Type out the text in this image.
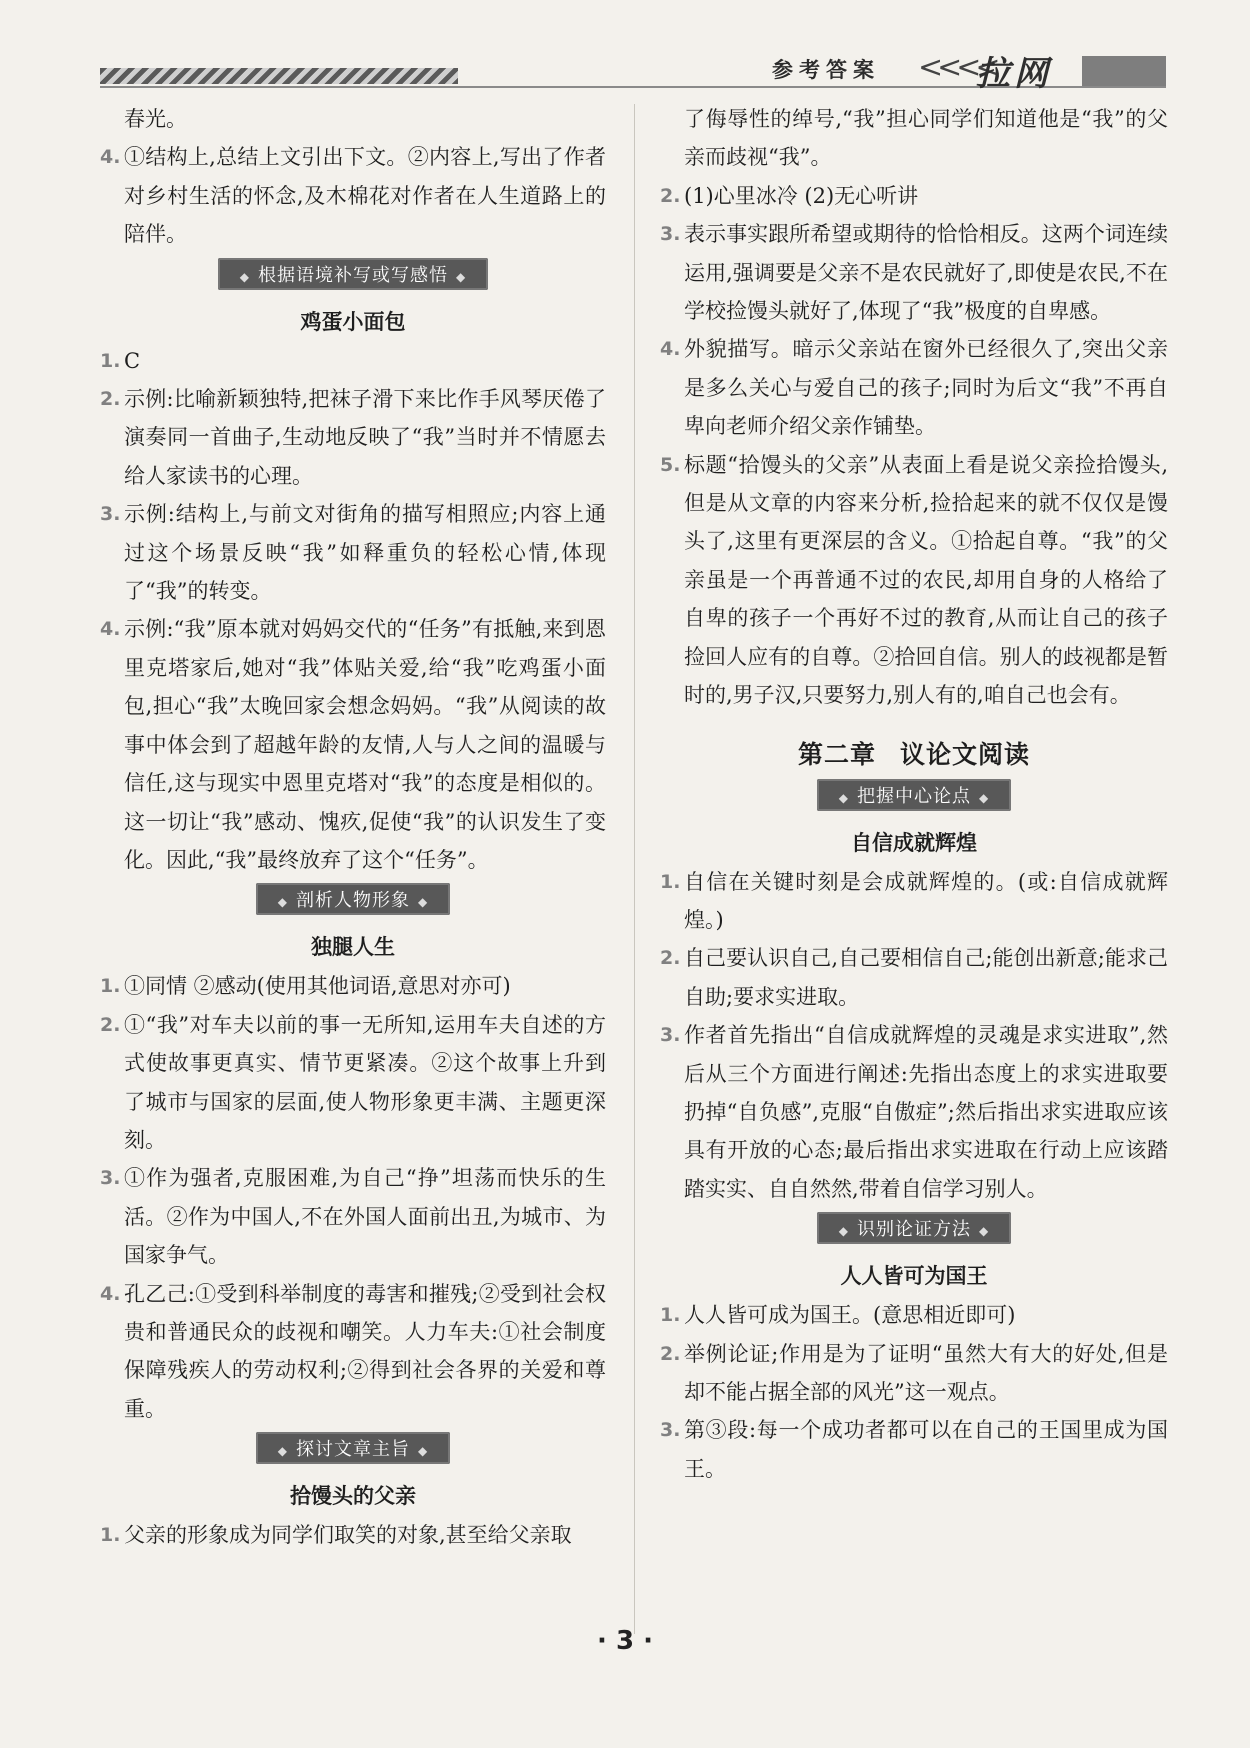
参考答案 <<<<
拉网

春光。

4. ①结构上,总结上文引出下文。②内容上,写出了作者对乡村生活的怀念,及木棉花对作者在人生道路上的陪伴。

◆ 根据语境补写或写感悟 ◆

鸡蛋小面包

1. C

2. 示例:比喻新颖独特,把袜子滑下来比作手风琴厌倦了演奏同一首曲子,生动地反映了“我”当时并不情愿去给人家读书的心理。

3. 示例:结构上,与前文对街角的描写相照应;内容上通过这个场景反映“我”如释重负的轻松心情,体现了“我”的转变。

4. 示例:“我”原本就对妈妈交代的“任务”有抵触,来到恩里克塔家后,她对“我”体贴关爱,给“我”吃鸡蛋小面包,担心“我”太晚回家会想念妈妈。“我”从阅读的故事中体会到了超越年龄的友情,人与人之间的温暖与信任,这与现实中恩里克塔对“我”的态度是相似的。这一切让“我”感动、愧疚,促使“我”的认识发生了变化。因此,“我”最终放弃了这个“任务”。

◆ 剖析人物形象 ◆

独腿人生

1. ①同情 ②感动(使用其他词语,意思对亦可)

2. ①“我”对车夫以前的事一无所知,运用车夫自述的方式使故事更真实、情节更紧凑。②这个故事上升到了城市与国家的层面,使人物形象更丰满、主题更深刻。

3. ①作为强者,克服困难,为自己“挣”坦荡而快乐的生活。②作为中国人,不在外国人面前出丑,为城市、为国家争气。

4. 孔乙己:①受到科举制度的毒害和摧残;②受到社会权贵和普通民众的歧视和嘲笑。人力车夫:①社会制度保障残疾人的劳动权利;②得到社会各界的关爱和尊重。

◆ 探讨文章主旨 ◆

拾馒头的父亲

1. 父亲的形象成为同学们取笑的对象,甚至给父亲取

了侮辱性的绰号,“我”担心同学们知道他是“我”的父亲而歧视“我”。

2. (1)心里冰冷 (2)无心听讲

3. 表示事实跟所希望或期待的恰恰相反。这两个词连续运用,强调要是父亲不是农民就好了,即使是农民,不在学校捡馒头就好了,体现了“我”极度的自卑感。

4. 外貌描写。暗示父亲站在窗外已经很久了,突出父亲是多么关心与爱自己的孩子;同时为后文“我”不再自卑向老师介绍父亲作铺垫。

5. 标题“拾馒头的父亲”从表面上看是说父亲捡拾馒头,但是从文章的内容来分析,捡拾起来的就不仅仅是馒头了,这里有更深层的含义。①拾起自尊。“我”的父亲虽是一个再普通不过的农民,却用自身的人格给了自卑的孩子一个再好不过的教育,从而让自己的孩子捡回人应有的自尊。②拾回自信。别人的歧视都是暂时的,男子汉,只要努力,别人有的,咱自己也会有。

第二章 议论文阅读

◆ 把握中心论点 ◆

自信成就辉煌

1. 自信在关键时刻是会成就辉煌的。(或:自信成就辉煌。)

2. 自己要认识自己,自己要相信自己;能创出新意;能求己自助;要求实进取。

3. 作者首先指出“自信成就辉煌的灵魂是求实进取”,然后从三个方面进行阐述:先指出态度上的求实进取要扔掉“自负感”,克服“自傲症”;然后指出求实进取应该具有开放的心态;最后指出求实进取在行动上应该踏踏实实、自自然然,带着自信学习别人。

◆ 识别论证方法 ◆

人人皆可为国王

1. 人人皆可成为国王。(意思相近即可)

2. 举例论证;作用是为了证明“虽然大有大的好处,但是却不能占据全部的风光”这一观点。

3. 第③段:每一个成功者都可以在自己的王国里成为国王。

· 3 ·
